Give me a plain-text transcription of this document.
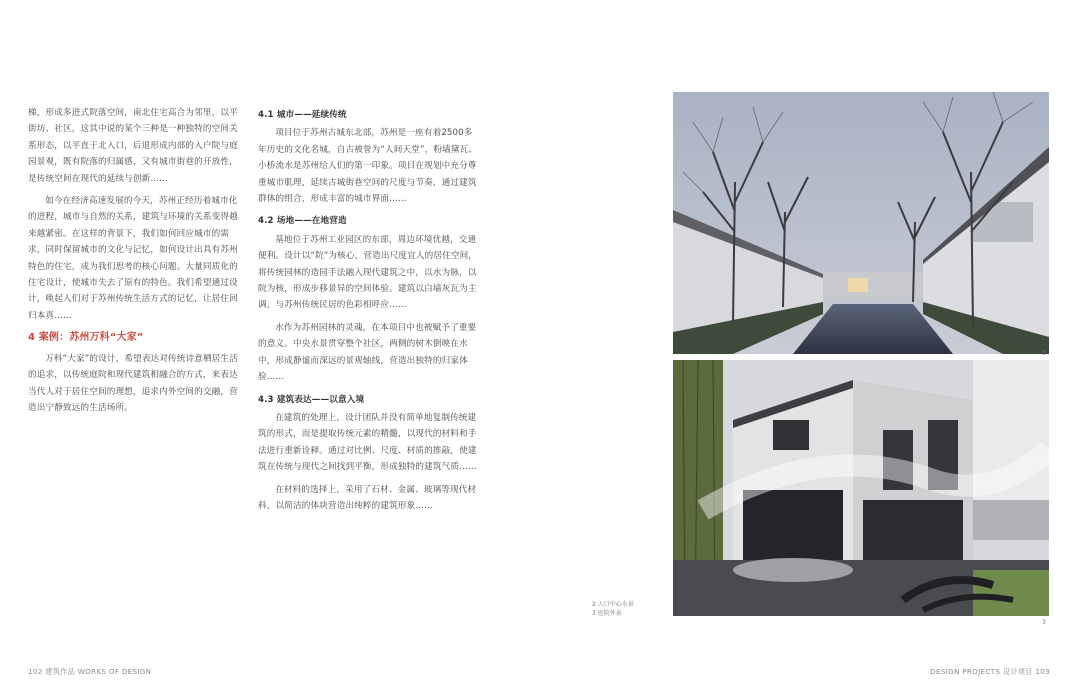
梯，形成多进式院落空间，南北住宅高合为邻里，以平街坊、社区，这其中说的某个三种是一种独特的空间关系形态，以平直于北入口，后退形成内部的入户院与庭园景观，既有院落的归属感，又有城市街巷的开放性，是传统空间在现代的延续与创新……

如今在经济高速发展的今天，苏州正经历着城市化的进程，城市与自然的关系，建筑与环境的关系变得越来越紧密。在这样的背景下，我们如何回应城市的需求，同时保留城市的文化与记忆，如何设计出具有苏州特色的住宅，成为我们思考的核心问题。大量同质化的住宅设计，使城市失去了原有的特色。我们希望通过设计，唤起人们对于苏州传统生活方式的记忆，让居住回归本真……

4 案例：苏州万科“大家”

万科“大家”的设计，希望表达对传统诗意栖居生活的追求，以传统庭院和现代建筑相融合的方式，来表达当代人对于居住空间的理想，追求内外空间的交融，营造出宁静致远的生活场所。

4.1 城市——延续传统

项目位于苏州古城东北部，苏州是一座有着2500多年历史的文化名城，自古被誉为“人间天堂”，粉墙黛瓦、小桥流水是苏州给人们的第一印象。项目在规划中充分尊重城市肌理，延续古城街巷空间的尺度与节奏，通过建筑群体的组合，形成丰富的城市界面……

4.2 场地——在地营造

基地位于苏州工业园区的东部，周边环境优越，交通便利。设计以“院”为核心，营造出尺度宜人的居住空间，将传统园林的造园手法融入现代建筑之中，以水为脉，以院为核，形成步移景异的空间体验。建筑以白墙灰瓦为主调，与苏州传统民居的色彩相呼应……

水作为苏州园林的灵魂，在本项目中也被赋予了重要的意义。中央水景贯穿整个社区，两侧的树木倒映在水中，形成静谧而深远的景观轴线，营造出独特的归家体验……

4.3 建筑表达——以意入境

在建筑的处理上，设计团队并没有简单地复制传统建筑的形式，而是提取传统元素的精髓，以现代的材料和手法进行重新诠释。通过对比例、尺度、材质的推敲，使建筑在传统与现代之间找到平衡，形成独特的建筑气质……

在材料的选择上，采用了石材、金属、玻璃等现代材料，以简洁的体块营造出纯粹的建筑形象……

2
3
2 人口中心水景
3 庭院外景
102 建筑作品 WORKS OF DESIGN	DESIGN PROJECTS 设计项目 103
